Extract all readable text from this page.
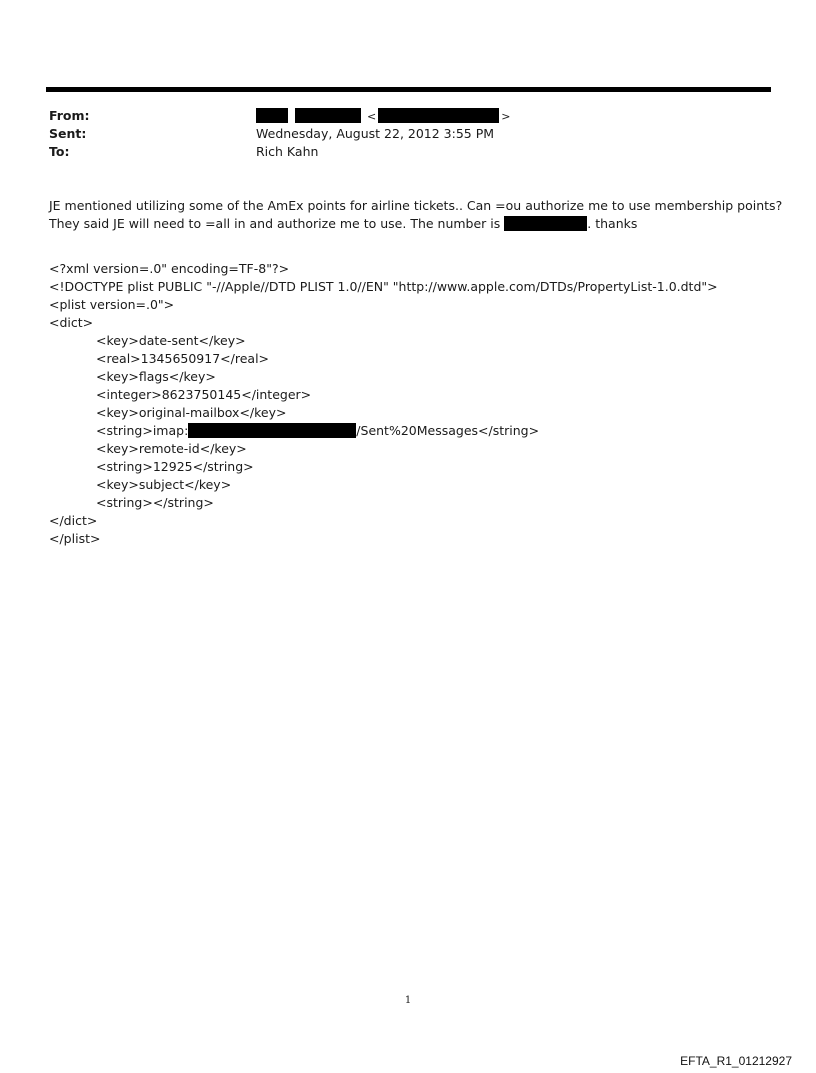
From:	<	>
Sent:	Wednesday, August 22, 2012 3:55 PM
To:	Rich Kahn

JE mentioned utilizing some of the AmEx points for airline tickets.. Can =ou authorize me to use membership points?

They said JE will need to =all in and authorize me to use. The number is	. thanks

<?xml version=.0" encoding=TF-8"?>
<!DOCTYPE plist PUBLIC "-//Apple//DTD PLIST 1.0//EN" "http://www.apple.com/DTDs/PropertyList-1.0.dtd">
<plist version=.0">
<dict>
<key>date-sent</key>
<real>1345650917</real>
<key>flags</key>
<integer>8623750145</integer>
<key>original-mailbox</key>
<string>imap:	/Sent%20Messages</string>
<key>remote-id</key>
<string>12925</string>
<key>subject</key>
<string></string>
</dict>
</plist>
1
EFTA_R1_01212927
